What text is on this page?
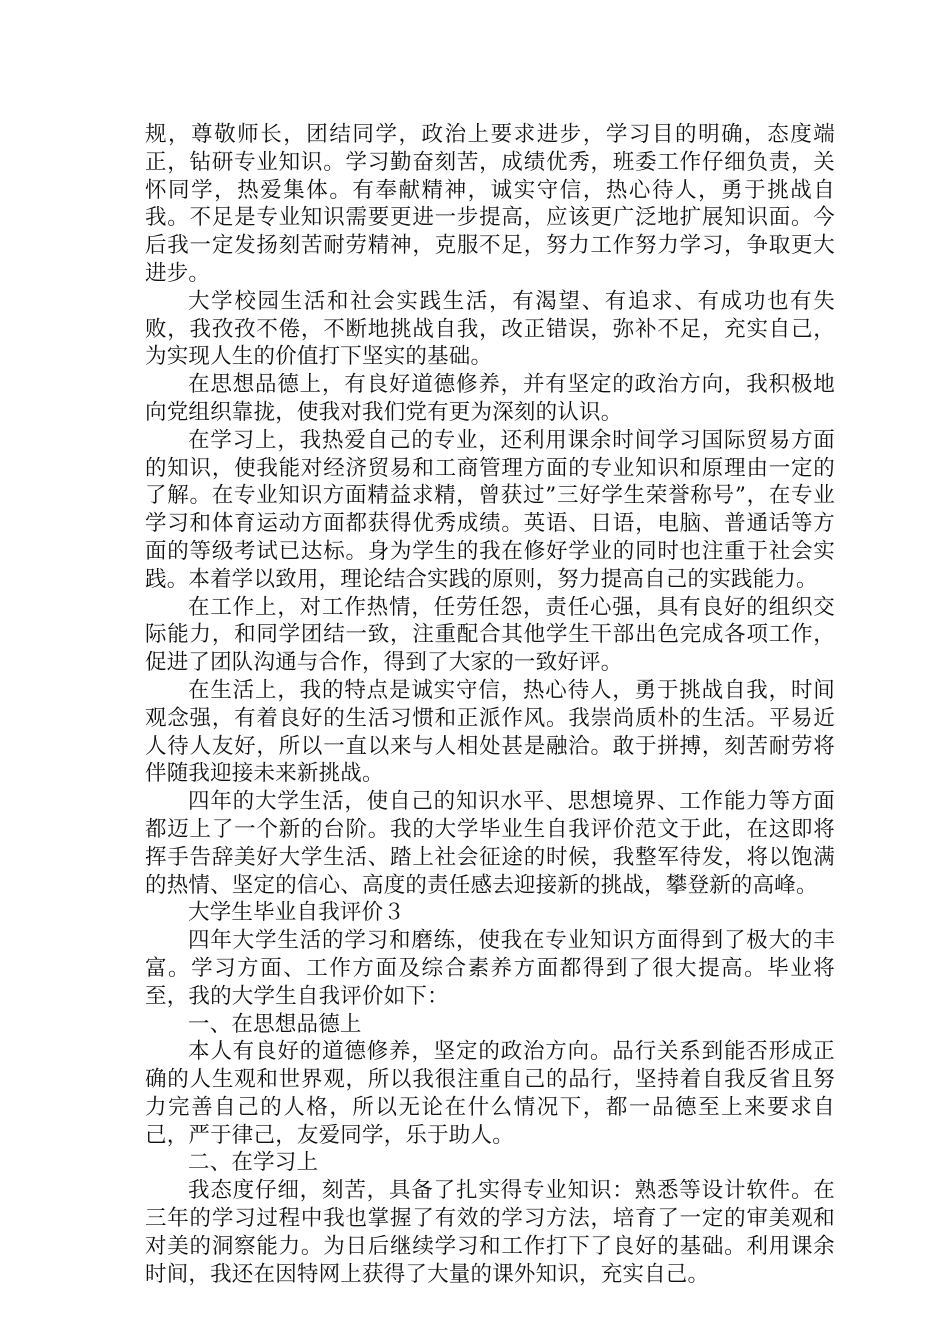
规，尊敬师长，团结同学，政治上要求进步，学习目的明确，态度端正，钻研专业知识。学习勤奋刻苦，成绩优秀，班委工作仔细负责，关怀同学，热爱集体。有奉献精神，诚实守信，热心待人，勇于挑战自我。不足是专业知识需要更进一步提高，应该更广泛地扩展知识面。今后我一定发扬刻苦耐劳精神，克服不足，努力工作努力学习，争取更大进步。

大学校园生活和社会实践生活，有渴望、有追求、有成功也有失败，我孜孜不倦，不断地挑战自我，改正错误，弥补不足，充实自己，为实现人生的价值打下坚实的基础。

在思想品德上，有良好道德修养，并有坚定的政治方向，我积极地向党组织靠拢，使我对我们党有更为深刻的认识。

在学习上，我热爱自己的专业，还利用课余时间学习国际贸易方面的知识，使我能对经济贸易和工商管理方面的专业知识和原理由一定的了解。在专业知识方面精益求精，曾获过”三好学生荣誉称号”，在专业学习和体育运动方面都获得优秀成绩。英语、日语，电脑、普通话等方面的等级考试已达标。身为学生的我在修好学业的同时也注重于社会实践。本着学以致用，理论结合实践的原则，努力提高自己的实践能力。

在工作上，对工作热情，任劳任怨，责任心强，具有良好的组织交际能力，和同学团结一致，注重配合其他学生干部出色完成各项工作，促进了团队沟通与合作，得到了大家的一致好评。

在生活上，我的特点是诚实守信，热心待人，勇于挑战自我，时间观念强，有着良好的生活习惯和正派作风。我崇尚质朴的生活。平易近人待人友好，所以一直以来与人相处甚是融洽。敢于拼搏，刻苦耐劳将伴随我迎接未来新挑战。

四年的大学生活，使自己的知识水平、思想境界、工作能力等方面都迈上了一个新的台阶。我的大学毕业生自我评价范文于此，在这即将挥手告辞美好大学生活、踏上社会征途的时候，我整军待发，将以饱满的热情、坚定的信心、高度的责任感去迎接新的挑战，攀登新的高峰。

大学生毕业自我评价３

四年大学生活的学习和磨练，使我在专业知识方面得到了极大的丰富。学习方面、工作方面及综合素养方面都得到了很大提高。毕业将至，我的大学生自我评价如下：

一、在思想品德上

本人有良好的道德修养，坚定的政治方向。品行关系到能否形成正确的人生观和世界观，所以我很注重自己的品行，坚持着自我反省且努力完善自己的人格，所以无论在什么情况下，都一品德至上来要求自己，严于律己，友爱同学，乐于助人。

二、在学习上

我态度仔细，刻苦，具备了扎实得专业知识：熟悉等设计软件。在三年的学习过程中我也掌握了有效的学习方法，培育了一定的审美观和对美的洞察能力。为日后继续学习和工作打下了良好的基础。利用课余时间，我还在因特网上获得了大量的课外知识，充实自己。
